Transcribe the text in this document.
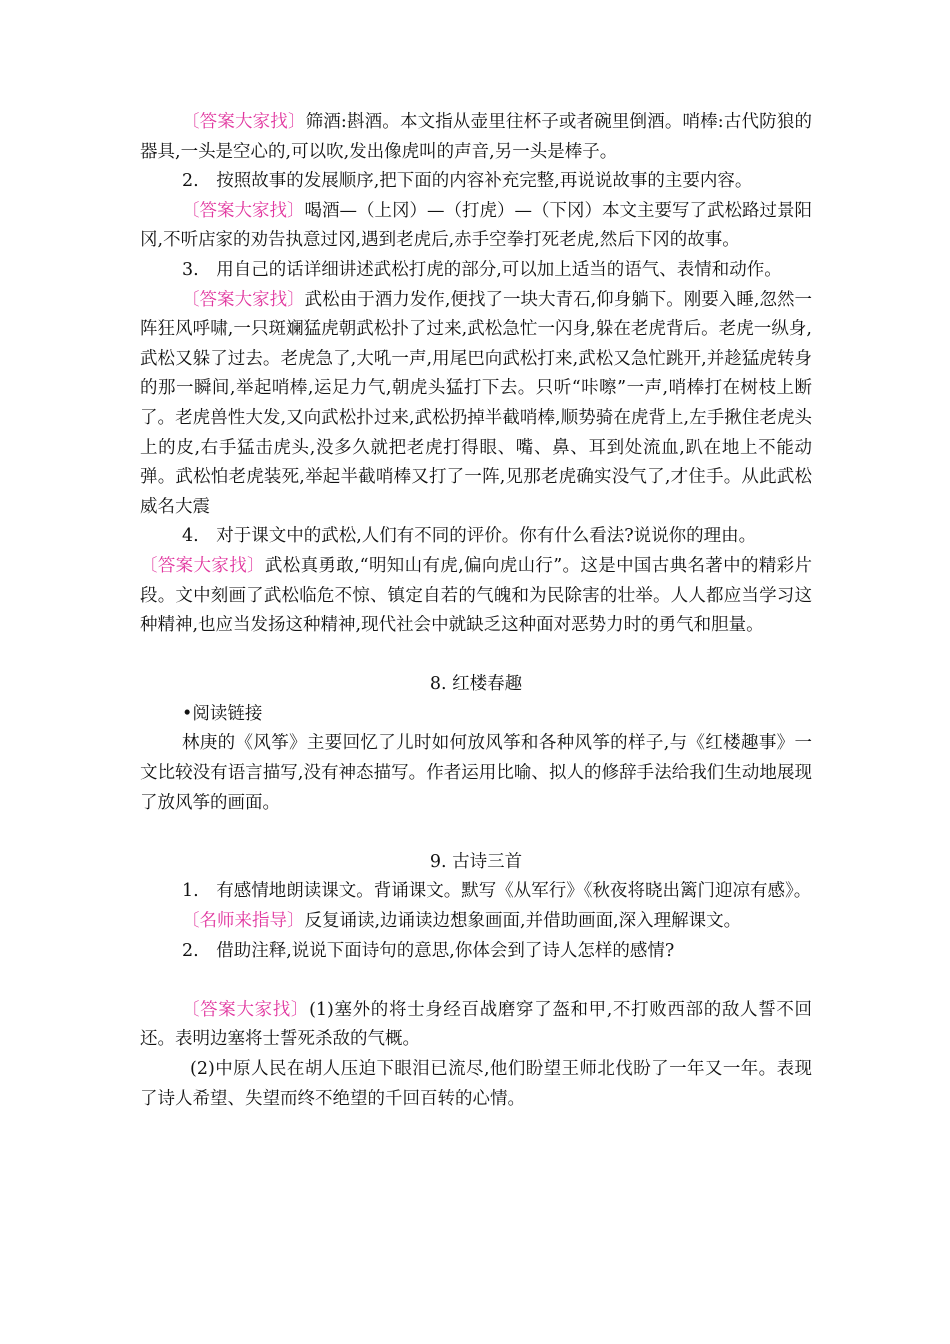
〔答案大家找〕筛酒:斟酒。本文指从壶里往杯子或者碗里倒酒。哨棒:古代防狼的器具,一头是空心的,可以吹,发出像虎叫的声音,另一头是棒子。

2.　按照故事的发展顺序,把下面的内容补充完整,再说说故事的主要内容。

〔答案大家找〕喝酒—（上冈）—（打虎）—（下冈）本文主要写了武松路过景阳冈,不听店家的劝告执意过冈,遇到老虎后,赤手空拳打死老虎,然后下冈的故事。

3.　用自己的话详细讲述武松打虎的部分,可以加上适当的语气、表情和动作。

〔答案大家找〕武松由于酒力发作,便找了一块大青石,仰身躺下。刚要入睡,忽然一阵狂风呼啸,一只斑斓猛虎朝武松扑了过来,武松急忙一闪身,躲在老虎背后。老虎一纵身,武松又躲了过去。老虎急了,大吼一声,用尾巴向武松打来,武松又急忙跳开,并趁猛虎转身的那一瞬间,举起哨棒,运足力气,朝虎头猛打下去。只听“咔嚓”一声,哨棒打在树枝上断了。老虎兽性大发,又向武松扑过来,武松扔掉半截哨棒,顺势骑在虎背上,左手揪住老虎头上的皮,右手猛击虎头,没多久就把老虎打得眼、嘴、鼻、耳到处流血,趴在地上不能动弹。武松怕老虎装死,举起半截哨棒又打了一阵,见那老虎确实没气了,才住手。从此武松威名大震

4.　对于课文中的武松,人们有不同的评价。你有什么看法?说说你的理由。

〔答案大家找〕武松真勇敢,“明知山有虎,偏向虎山行”。这是中国古典名著中的精彩片段。文中刻画了武松临危不惊、镇定自若的气魄和为民除害的壮举。人人都应当学习这种精神,也应当发扬这种精神,现代社会中就缺乏这种面对恶势力时的勇气和胆量。

8. 红楼春趣

•阅读链接

林庚的《风筝》主要回忆了儿时如何放风筝和各种风筝的样子,与《红楼趣事》一文比较没有语言描写,没有神态描写。作者运用比喻、拟人的修辞手法给我们生动地展现了放风筝的画面。

9. 古诗三首

1.　有感情地朗读课文。背诵课文。默写《从军行》《秋夜将晓出篱门迎凉有感》。

〔名师来指导〕反复诵读,边诵读边想象画面,并借助画面,深入理解课文。

2.　借助注释,说说下面诗句的意思,你体会到了诗人怎样的感情?

〔答案大家找〕(1)塞外的将士身经百战磨穿了盔和甲,不打败西部的敌人誓不回还。表明边塞将士誓死杀敌的气概。

(2)中原人民在胡人压迫下眼泪已流尽,他们盼望王师北伐盼了一年又一年。表现了诗人希望、失望而终不绝望的千回百转的心情。
